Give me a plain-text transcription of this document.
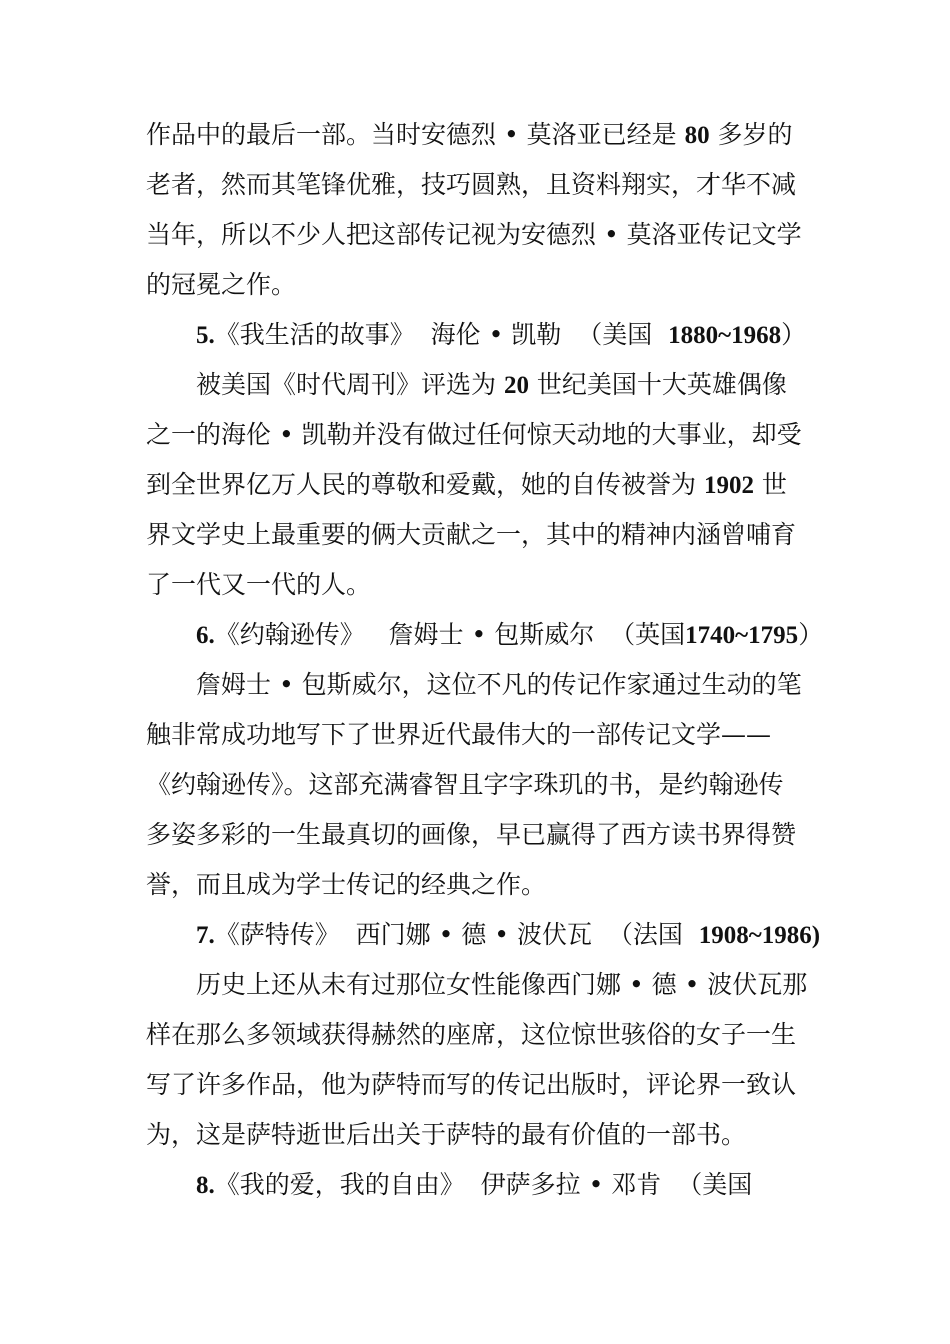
作品中的最后一部。当时安德烈 • 莫洛亚已经是 80 多岁的
老者，然而其笔锋优雅，技巧圆熟，且资料翔实，才华不减
当年，所以不少人把这部传记视为安德烈 • 莫洛亚传记文学
的冠冕之作。
5.《我生活的故事》 海伦 • 凯勒 （美国 1880~1968）
被美国《时代周刊》评选为 20 世纪美国十大英雄偶像
之一的海伦 • 凯勒并没有做过任何惊天动地的大事业，却受
到全世界亿万人民的尊敬和爱戴，她的自传被誉为 1902 世
界文学史上最重要的俩大贡献之一，其中的精神内涵曾哺育
了一代又一代的人。
6.《约翰逊传》 詹姆士 • 包斯威尔 （英国1740~1795）
詹姆士 • 包斯威尔，这位不凡的传记作家通过生动的笔
触非常成功地写下了世界近代最伟大的一部传记文学——
《约翰逊传》。这部充满睿智且字字珠玑的书，是约翰逊传
多姿多彩的一生最真切的画像，早已赢得了西方读书界得赞
誉，而且成为学士传记的经典之作。
7.《萨特传》 西门娜 • 德 • 波伏瓦 （法国 1908~1986)
历史上还从未有过那位女性能像西门娜 • 德 • 波伏瓦那
样在那么多领域获得赫然的座席，这位惊世骇俗的女子一生
写了许多作品，他为萨特而写的传记出版时，评论界一致认
为，这是萨特逝世后出关于萨特的最有价值的一部书。
8.《我的爱，我的自由》 伊萨多拉 • 邓肯 （美国
